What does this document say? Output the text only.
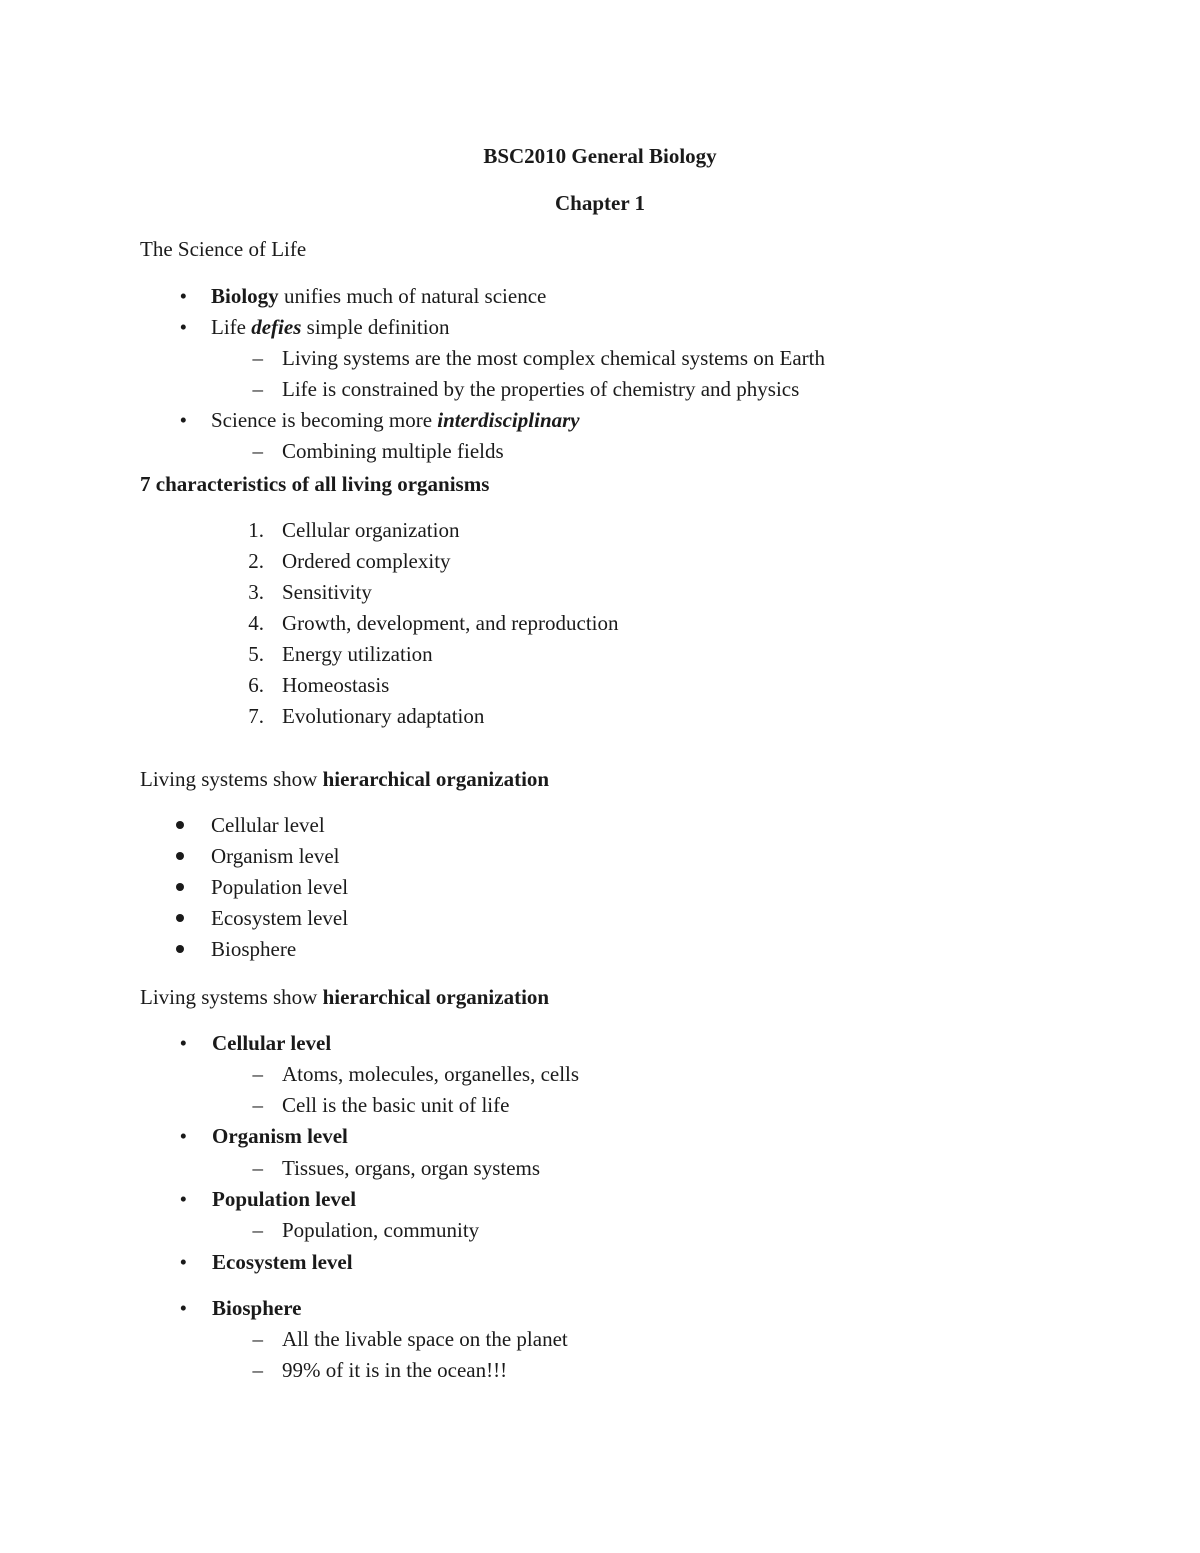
BSC2010 General Biology
Chapter 1
The Science of Life
• Biology unifies much of natural science
• Life defies simple definition
– Living systems are the most complex chemical systems on Earth
– Life is constrained by the properties of chemistry and physics
• Science is becoming more interdisciplinary
– Combining multiple fields
7 characteristics of all living organisms
1. Cellular organization
2. Ordered complexity
3. Sensitivity
4. Growth, development, and reproduction
5. Energy utilization
6. Homeostasis
7. Evolutionary adaptation
Living systems show hierarchical organization
Cellular level
Organism level
Population level
Ecosystem level
Biosphere
Living systems show hierarchical organization
• Cellular level
– Atoms, molecules, organelles, cells
– Cell is the basic unit of life
• Organism level
– Tissues, organs, organ systems
• Population level
– Population, community
• Ecosystem level
• Biosphere
– All the livable space on the planet
– 99% of it is in the ocean!!!
